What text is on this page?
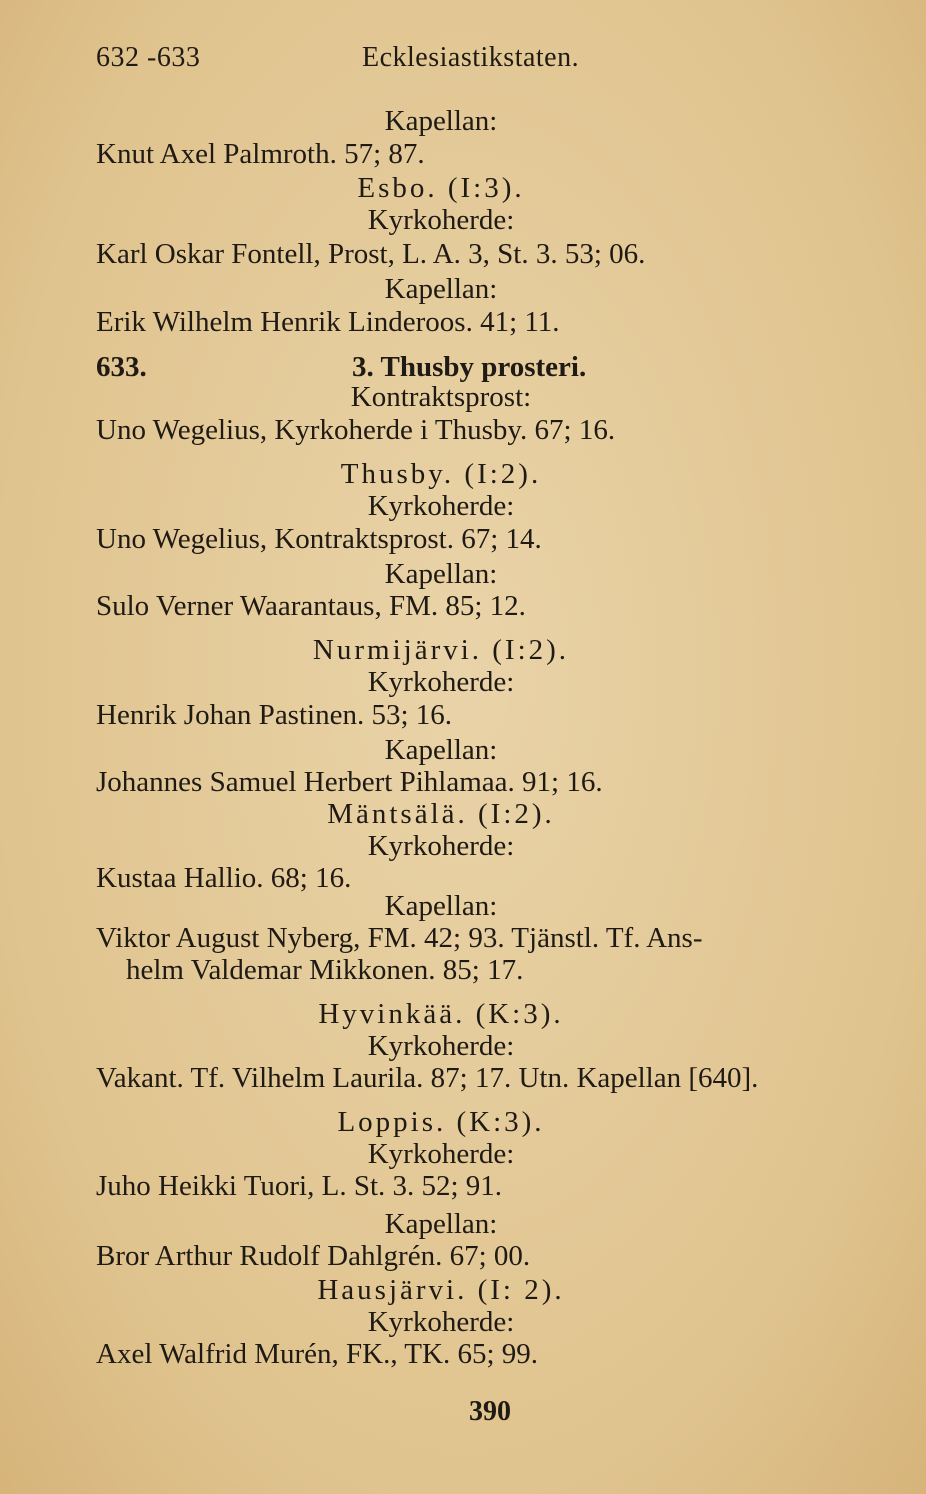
632 -633	Ecklesiastikstaten.
Kapellan:
Knut Axel Palmroth. 57; 87.
Esbo. (I:3).
Kyrkoherde:
Karl Oskar Fontell, Prost, L. A. 3, St. 3. 53; 06.
Kapellan:
Erik Wilhelm Henrik Linderoos. 41; 11.
633.	3. Thusby prosteri.
Kontraktsprost:
Uno Wegelius, Kyrkoherde i Thusby. 67; 16.
Thusby. (I:2).
Kyrkoherde:
Uno Wegelius, Kontraktsprost. 67; 14.
Kapellan:
Sulo Verner Waarantaus, FM. 85; 12.
Nurmijärvi. (I:2).
Kyrkoherde:
Henrik Johan Pastinen. 53; 16.
Kapellan:
Johannes Samuel Herbert Pihlamaa. 91; 16.
Mäntsälä. (I:2).
Kyrkoherde:
Kustaa Hallio. 68; 16.
Kapellan:
Viktor August Nyberg, FM. 42; 93. Tjänstl. Tf. Ans-
helm Valdemar Mikkonen. 85; 17.
Hyvinkää. (K:3).
Kyrkoherde:
Vakant. Tf. Vilhelm Laurila. 87; 17. Utn. Kapellan [640].
Loppis. (K:3).
Kyrkoherde:
Juho Heikki Tuori, L. St. 3. 52; 91.
Kapellan:
Bror Arthur Rudolf Dahlgrén. 67; 00.
Hausjärvi. (I: 2).
Kyrkoherde:
Axel Walfrid Murén, FK., TK. 65; 99.
390
